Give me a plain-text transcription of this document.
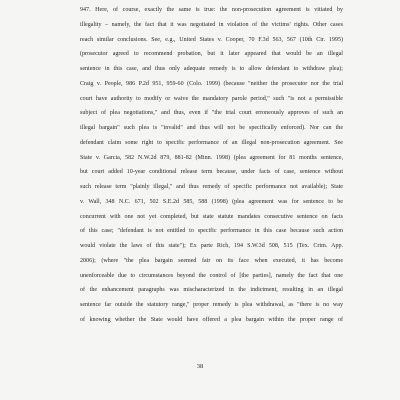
947. Here, of course, exactly the same is true: the non-prosecution agreement is vitiated by
illegality – namely, the fact that it was negotiated in violation of the victims' rights. Other cases
reach similar conclusions. See, e.g., United States v. Cooper, 70 F.3d 563, 567 (10th Cir. 1995)
(prosecutor agreed to recommend probation, but it later appeared that would be an illegal
sentence in this case, and thus only adequate remedy is to allow defendant to withdraw plea);
Craig v. People, 986 P.2d 951, 959-60 (Colo. 1999) (because "neither the prosecutor nor the trial
court have authority to modify or waive the mandatory parole period," such "is not a permissible
subject of plea negotiations," and thus, even if "the trial court erroneously approves of such an
illegal bargain" such plea is "invalid" and thus will not be specifically enforced). Nor can the
defendant claim some right to specific performance of an illegal non-prosecution agreement. See
State v. Garcia, 582 N.W.2d 879, 881-82 (Minn. 1998) (plea agreement for 81 months sentence,
but court added 10-year conditional release term because, under facts of case, sentence without
such release term "plainly illegal," and thus remedy of specific performance not available); State
v. Wall, 348 N.C. 671, 502 S.E.2d 585, 588 (1998) (plea agreement was for sentence to be
concurrent with one not yet completed, but state statute mandates consecutive sentence on facts
of this case; "defendant is not entitled to specific performance in this case because such action
would violate the laws of this state"); Ex parte Rich, 194 S.W.3d 508, 515 (Tex. Crim. App.
2006); (where "the plea bargain seemed fair on its face when executed, it has become
unenforceable due to circumstances beyond the control of [the parties], namely the fact that one
of the enhancement paragraphs was mischaracterized in the indictment, resulting in an illegal
sentence far outside the statutory range," proper remedy is plea withdrawal, as "there is no way
of knowing whether the State would have offered a plea bargain within the proper range of
38
